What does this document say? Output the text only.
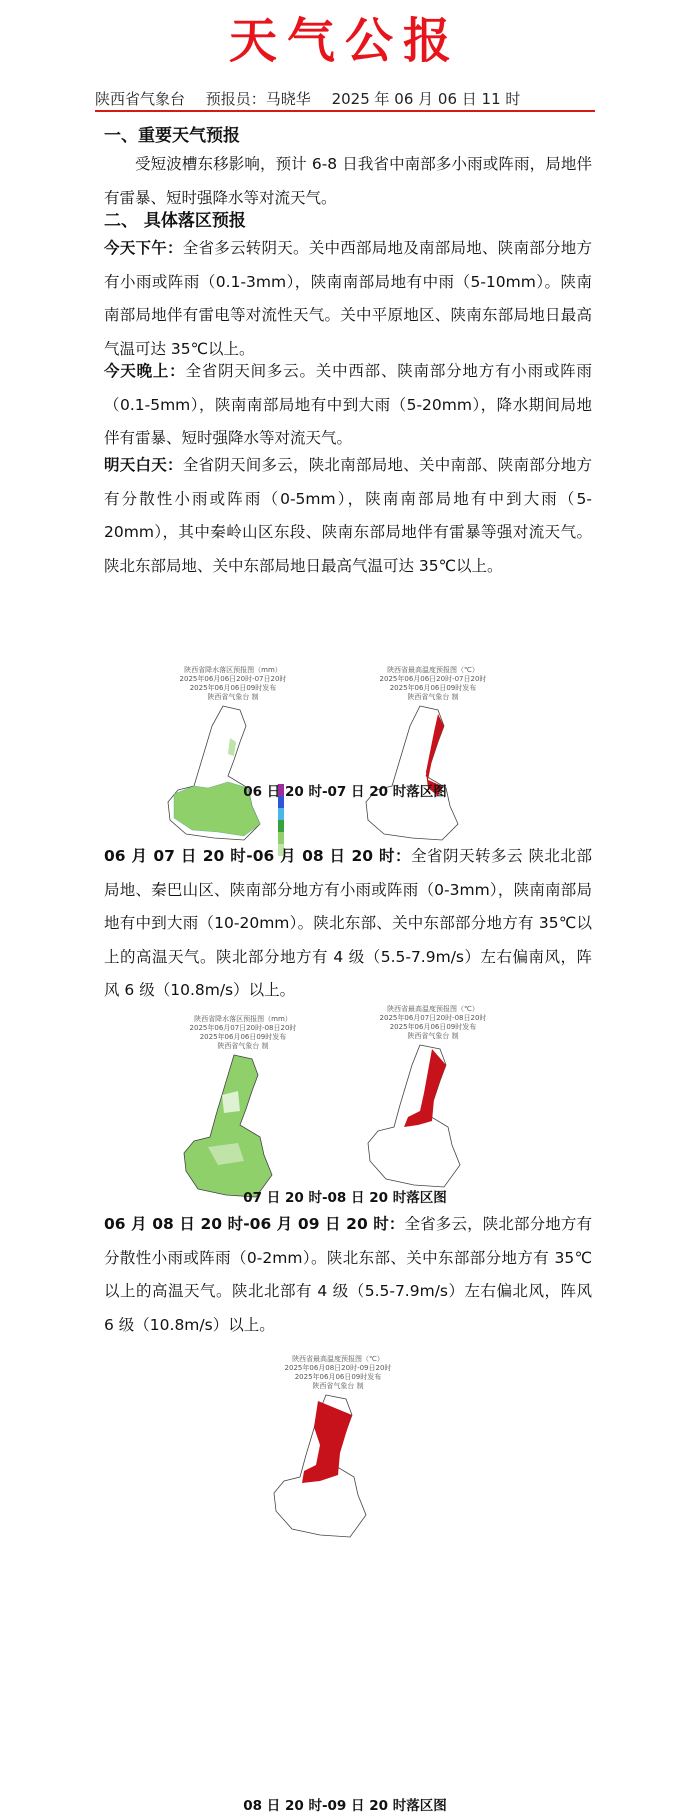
天气公报
陕西省气象台 预报员：马晓华 2025 年 06 月 06 日 11 时
一、重要天气预报
受短波槽东移影响，预计 6-8 日我省中南部多小雨或阵雨，局地伴有雷暴、短时强降水等对流天气。
二、 具体落区预报
今天下午：全省多云转阴天。关中西部局地及南部局地、陕南部分地方有小雨或阵雨（0.1-3mm），陕南南部局地有中雨（5-10mm）。陕南南部局地伴有雷电等对流性天气。关中平原地区、陕南东部局地日最高气温可达 35℃以上。
今天晚上：全省阴天间多云。关中西部、陕南部分地方有小雨或阵雨（0.1-5mm），陕南南部局地有中到大雨（5-20mm），降水期间局地伴有雷暴、短时强降水等对流天气。
明天白天：全省阴天间多云，陕北南部局地、关中南部、陕南部分地方有分散性小雨或阵雨（0-5mm），陕南南部局地有中到大雨（5-20mm），其中秦岭山区东段、陕南东部局地伴有雷暴等强对流天气。陕北东部局地、关中东部局地日最高气温可达 35℃以上。
陕西省降水落区预报图（mm）
2025年06月06日20时-07日20时
2025年06月06日09时发布
陕西省气象台 制
陕西省最高温度预报图（℃）
2025年06月06日20时-07日20时
2025年06月06日09时发布
陕西省气象台 制
06 日 20 时-07 日 20 时落区图
06 月 07 日 20 时-06 月 08 日 20 时：全省阴天转多云 陕北北部局地、秦巴山区、陕南部分地方有小雨或阵雨（0-3mm），陕南南部局地有中到大雨（10-20mm）。陕北东部、关中东部部分地方有 35℃以上的高温天气。陕北部分地方有 4 级（5.5-7.9m/s）左右偏南风，阵风 6 级（10.8m/s）以上。
陕西省降水落区预报图（mm）
2025年06月07日20时-08日20时
2025年06月06日09时发布
陕西省气象台 制
陕西省最高温度预报图（℃）
2025年06月07日20时-08日20时
2025年06月06日09时发布
陕西省气象台 制
07 日 20 时-08 日 20 时落区图
06 月 08 日 20 时-06 月 09 日 20 时：全省多云，陕北部分地方有分散性小雨或阵雨（0-2mm）。陕北东部、关中东部部分地方有 35℃以上的高温天气。陕北北部有 4 级（5.5-7.9m/s）左右偏北风，阵风 6 级（10.8m/s）以上。
陕西省最高温度预报图（℃）
2025年06月08日20时-09日20时
2025年06月06日09时发布
陕西省气象台 制
08 日 20 时-09 日 20 时落区图
